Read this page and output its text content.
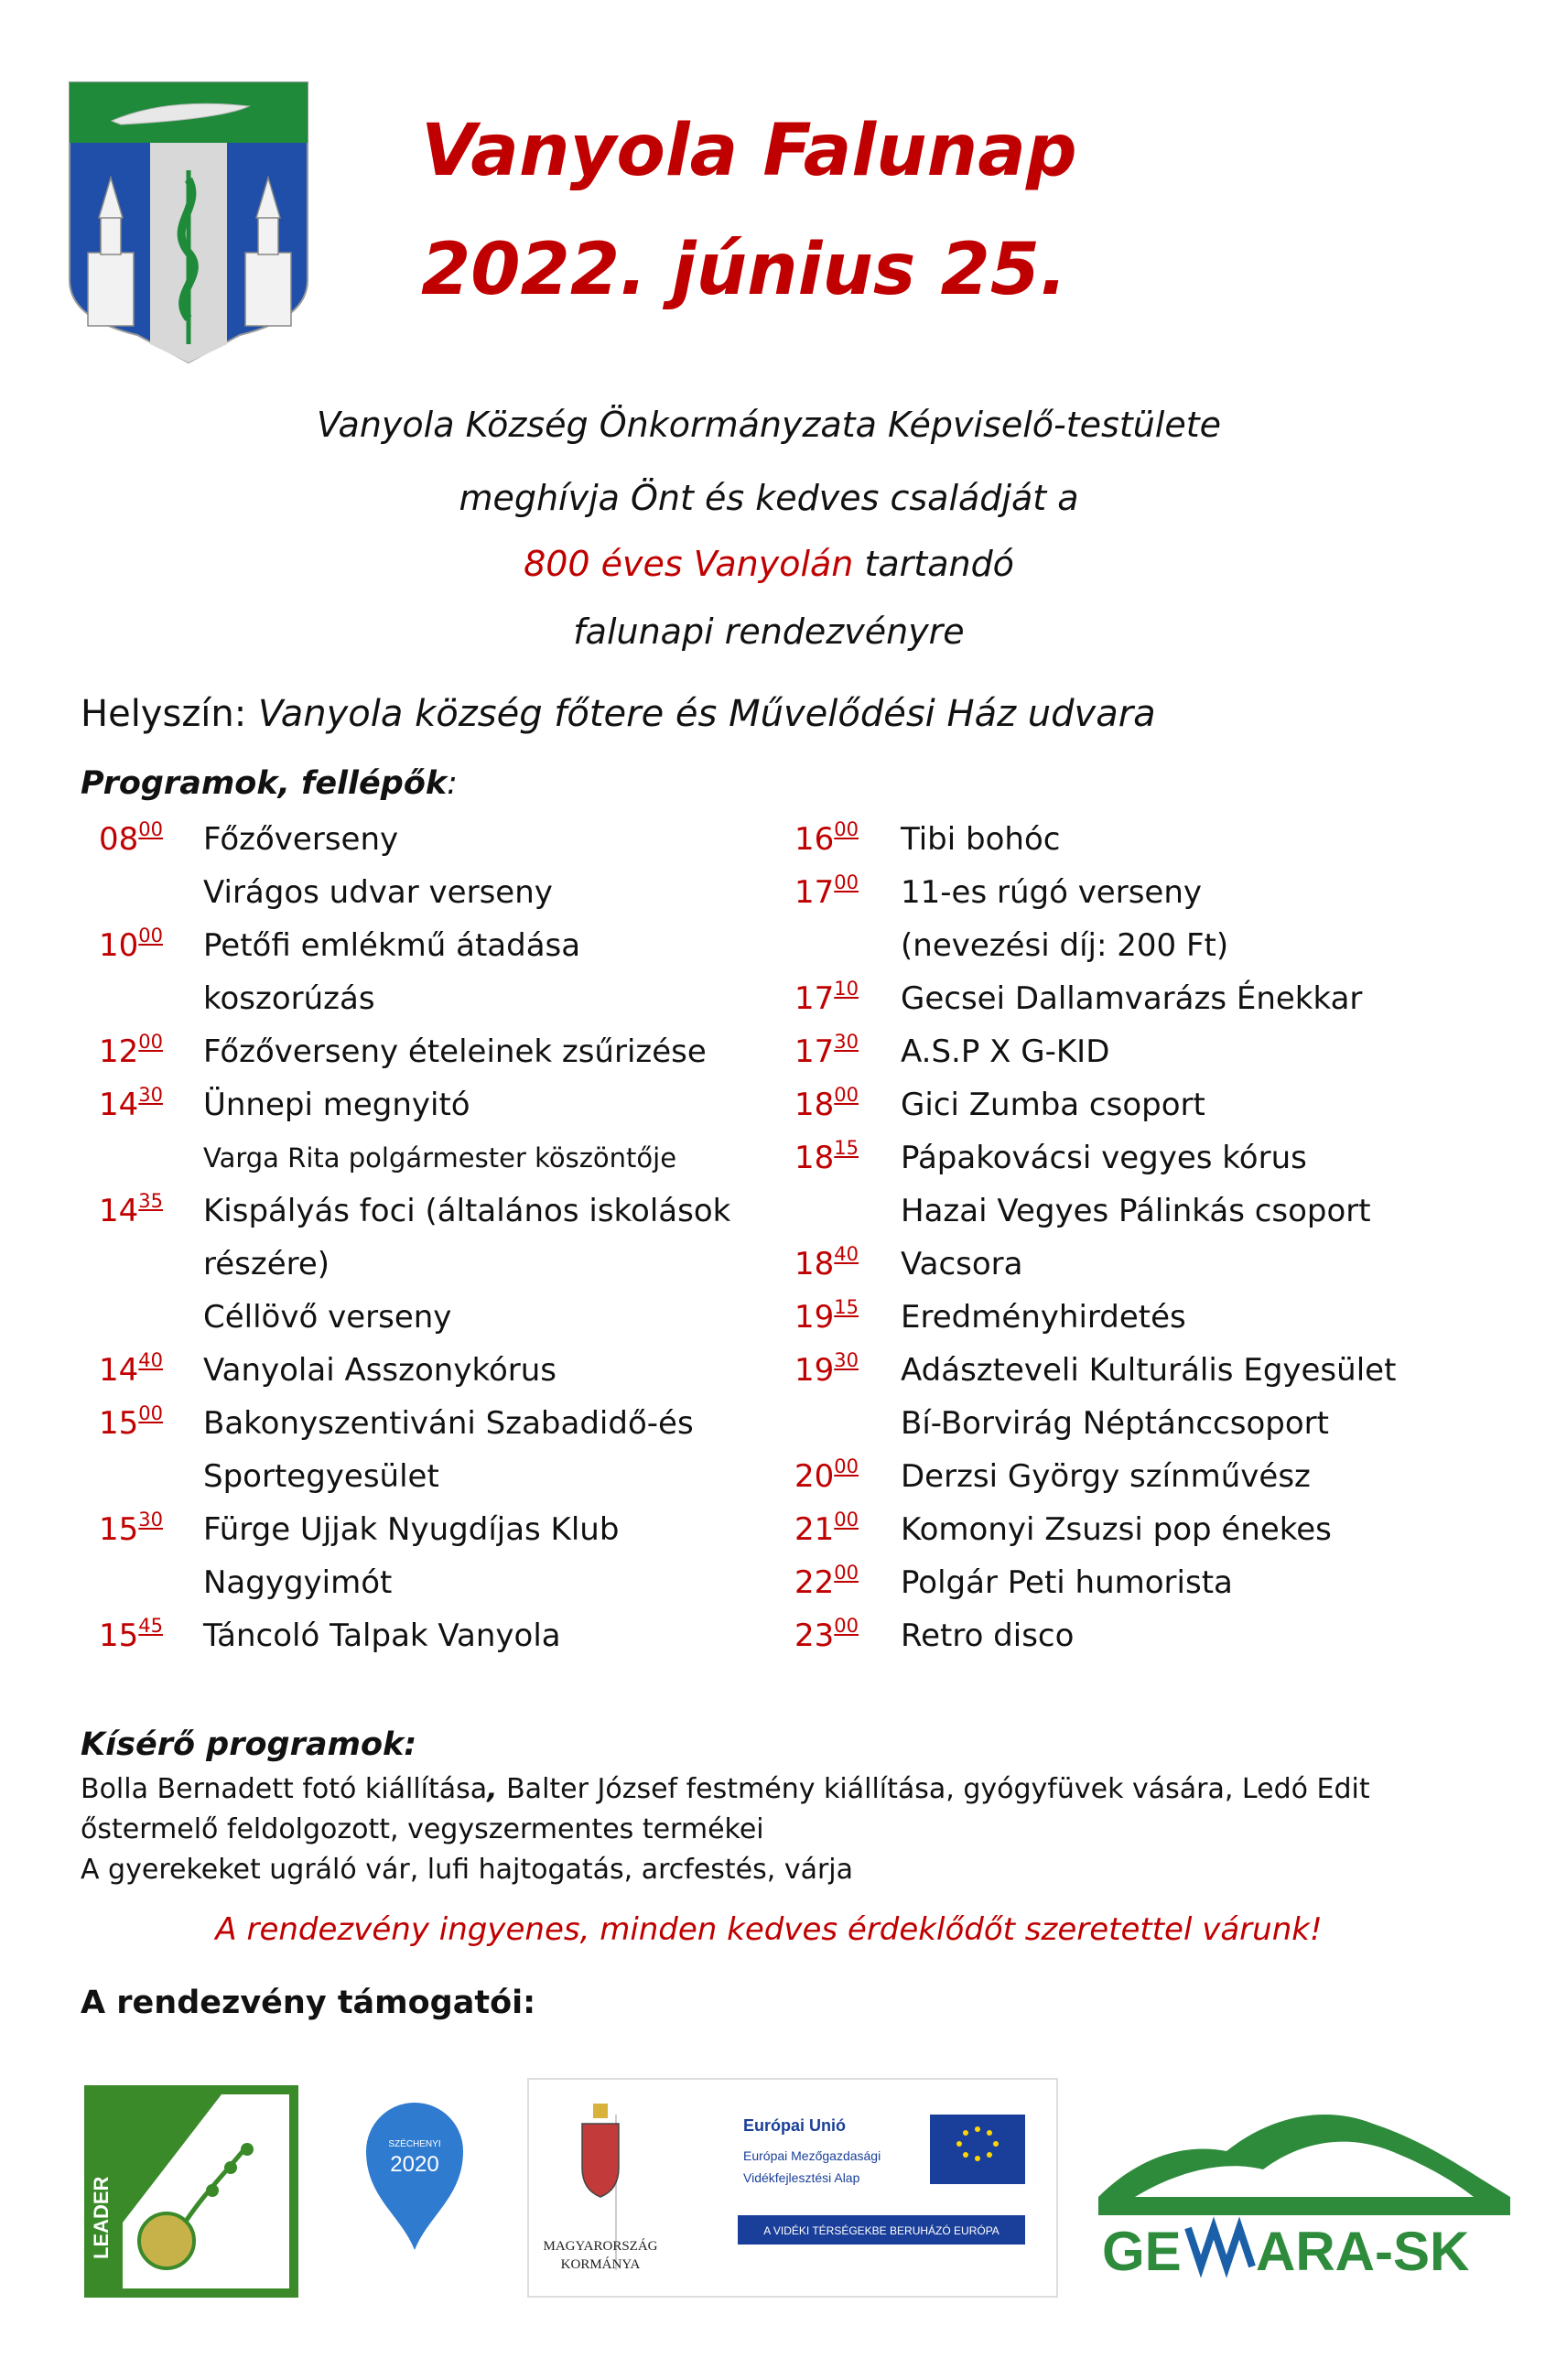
Vanyola Falunap
2022. június 25.
Vanyola Község Önkormányzata Képviselő-testülete
meghívja Önt és kedves családját a
800 éves Vanyolán tartandó
falunapi rendezvényre
Helyszín: Vanyola község főtere és Művelődési Ház udvara
Programok, fellépők:
$08^{00}$ Főzőverseny
Virágos udvar verseny
$10^{00}$ Petőfi emlékmű átadása
koszorúzás
$12^{00}$ Főzőverseny ételeinek zsűrizése
$14^{30}$ Ünnepi megnyitó
Varga Rita polgármester köszöntője
$14^{35}$ Kispályás foci (általános iskolások
részére)
Céllövő verseny
$14^{40}$ Vanyolai Asszonykórus
$15^{00}$ Bakonyszentiváni Szabadidő-és
Sportegyesület
$15^{30}$ Fürge Ujjak Nyugdíjas Klub
Nagygyimót
$15^{45}$ Táncoló Talpak Vanyola
$16^{00}$ Tibi bohóc
$17^{00}$ 11-es rúgó verseny
(nevezési díj: 200 Ft)
$17^{10}$ Gecsei Dallamvarázs Énekkar
$17^{30}$ A.S.P X G-KID
$18^{00}$ Gici Zumba csoport
$18^{15}$ Pápakovácsi vegyes kórus
Hazai Vegyes Pálinkás csoport
$18^{40}$ Vacsora
$19^{15}$ Eredményhirdetés
$19^{30}$ Adászteveli Kulturális Egyesület
Bí-Borvirág Néptánccsoport
$20^{00}$ Derzsi György színművész
$21^{00}$ Komonyi Zsuzsi pop énekes
$22^{00}$ Polgár Peti humorista
$23^{00}$ Retro disco
Kísérő programok:
Bolla Bernadett fotó kiállítása, Balter József festmény kiállítása, gyógyfüvek vására, Ledó Edit
őstermelő feldolgozott, vegyszermentes termékei
A gyerekeket ugráló vár, lufi hajtogatás, arcfestés, várja
A rendezvény ingyenes, minden kedves érdeklődőt szeretettel várunk!
A rendezvény támogatói:
LEADER
SZÉCHENYI
2020
MAGYARORSZÁG
KORMÁNYA
Európai Unió
Európai Mezőgazdasági
Vidékfejlesztési Alap
A VIDÉKI TÉRSÉGEKBE BERUHÁZÓ EURÓPA GE ARA-SK
